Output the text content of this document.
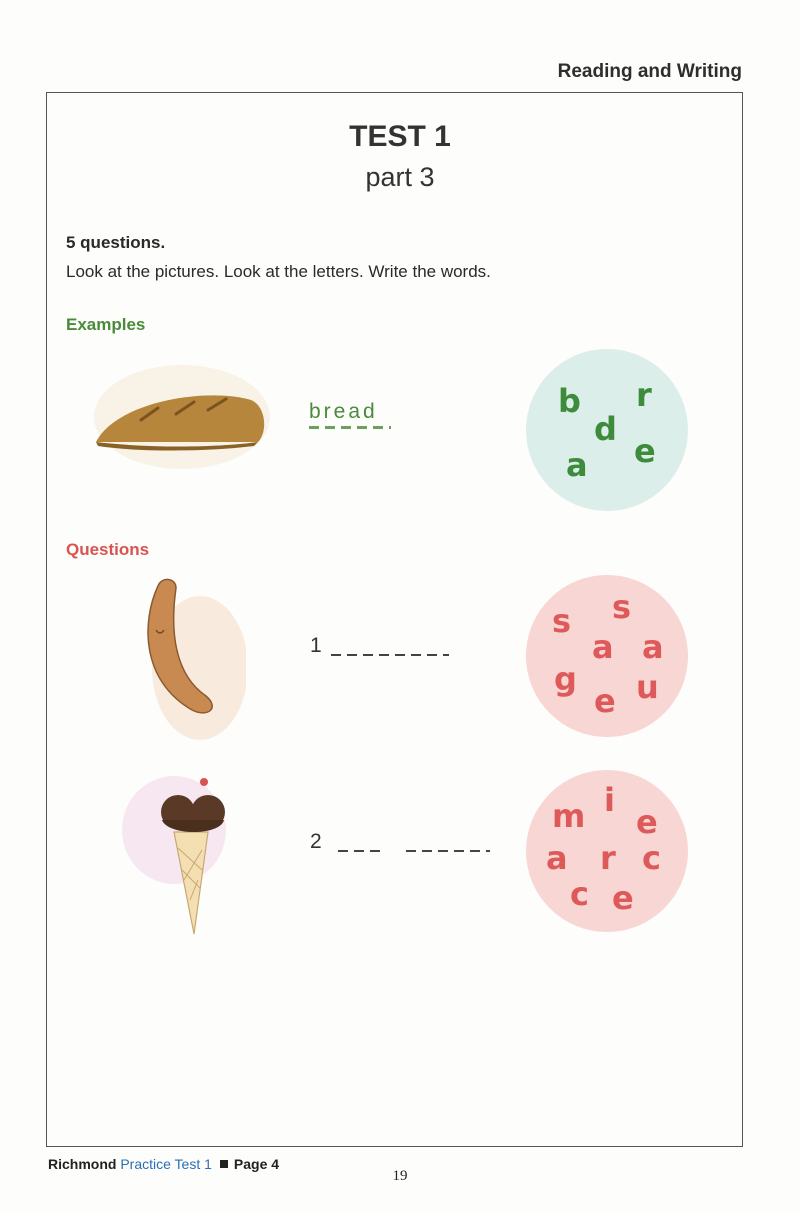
Reading and Writing
TEST 1
part 3
5 questions.
Look at the pictures. Look at the letters. Write the words.
Examples
bread	b r
d
a e
Questions
1
s s
a a
g
e u
2
i
m e
a r c
c e
Richmond Practice Test 1 Page 4
19
